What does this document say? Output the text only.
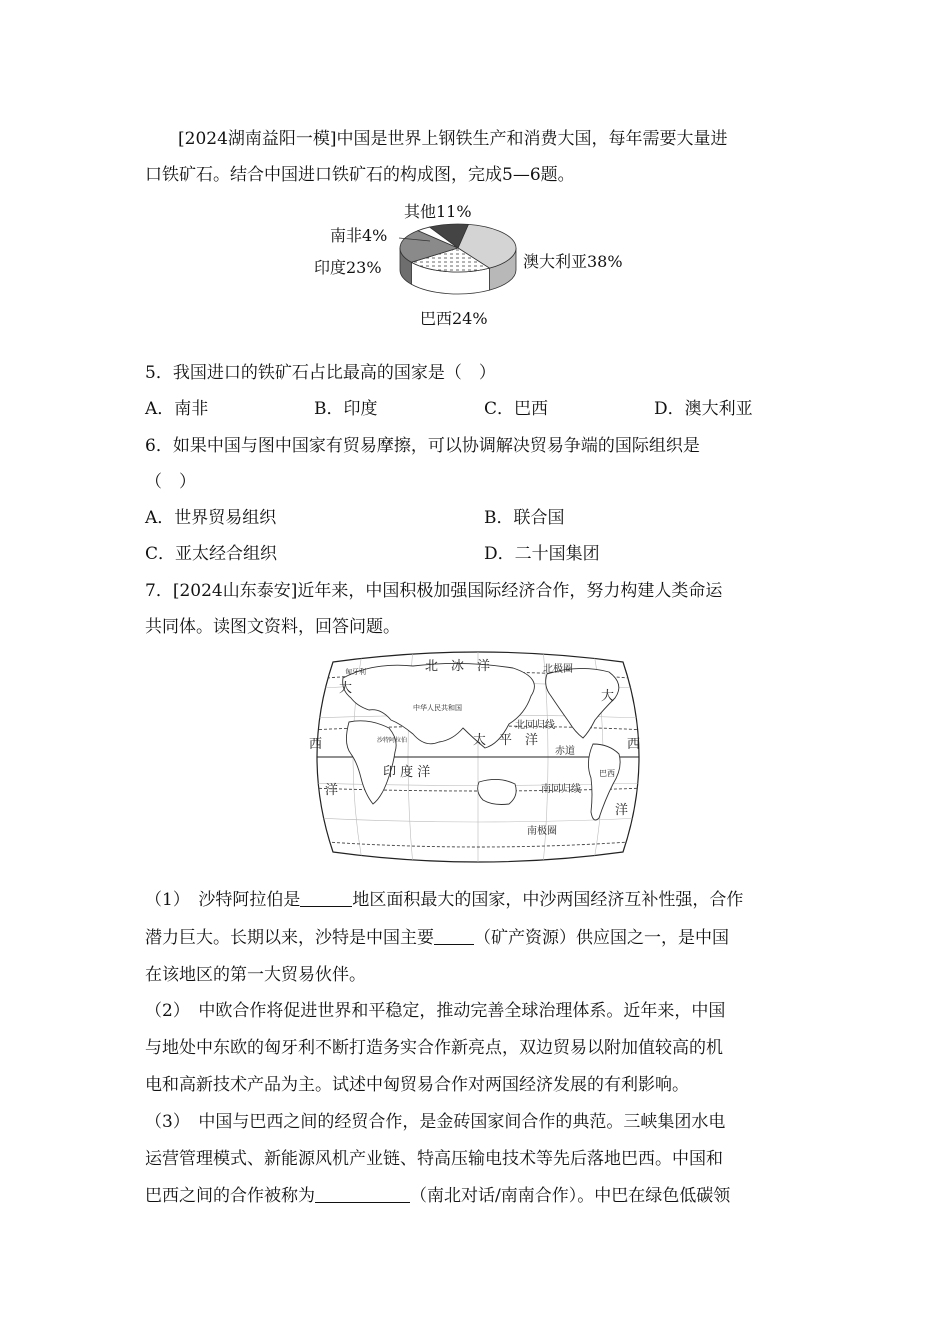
[2024湖南益阳一模]中国是世界上钢铁生产和消费大国，每年需要大量进
口铁矿石。结合中国进口铁矿石的构成图，完成5—6题。
其他11%
南非4%
印度23%	澳大利亚38%
巴西24%
5．我国进口的铁矿石占比最高的国家是（　）
A．南非	B．印度	C．巴西	D．澳大利亚
6．如果中国与图中国家有贸易摩擦，可以协调解决贸易争端的国际组织是
（　）
A．世界贸易组织	B．联合国
C．亚太经合组织	D．二十国集团
7．[2024山东泰安]近年来，中国积极加强国际经济合作，努力构建人类命运
共同体。读图文资料，回答问题。
北　冰　洋
大
大
西	西
洋
洋
太　平　洋
印 度 洋
赤道
北回归线
南回归线
北极圈
南极圈
匈牙利
中华人民共和国
沙特阿拉伯
巴西
（1）　沙特阿拉伯是	地区面积最大的国家，中沙两国经济互补性强，合作
潜力巨大。长期以来，沙特是中国主要 （矿产资源）供应国之一，是中国
在该地区的第一大贸易伙伴。
（2）　中欧合作将促进世界和平稳定，推动完善全球治理体系。近年来，中国
与地处中东欧的匈牙利不断打造务实合作新亮点，双边贸易以附加值较高的机
电和高新技术产品为主。试述中匈贸易合作对两国经济发展的有利影响。
（3）　中国与巴西之间的经贸合作，是金砖国家间合作的典范。三峡集团水电
运营管理模式、新能源风机产业链、特高压输电技术等先后落地巴西。中国和
巴西之间的合作被称为	（南北对话/南南合作）。中巴在绿色低碳领
